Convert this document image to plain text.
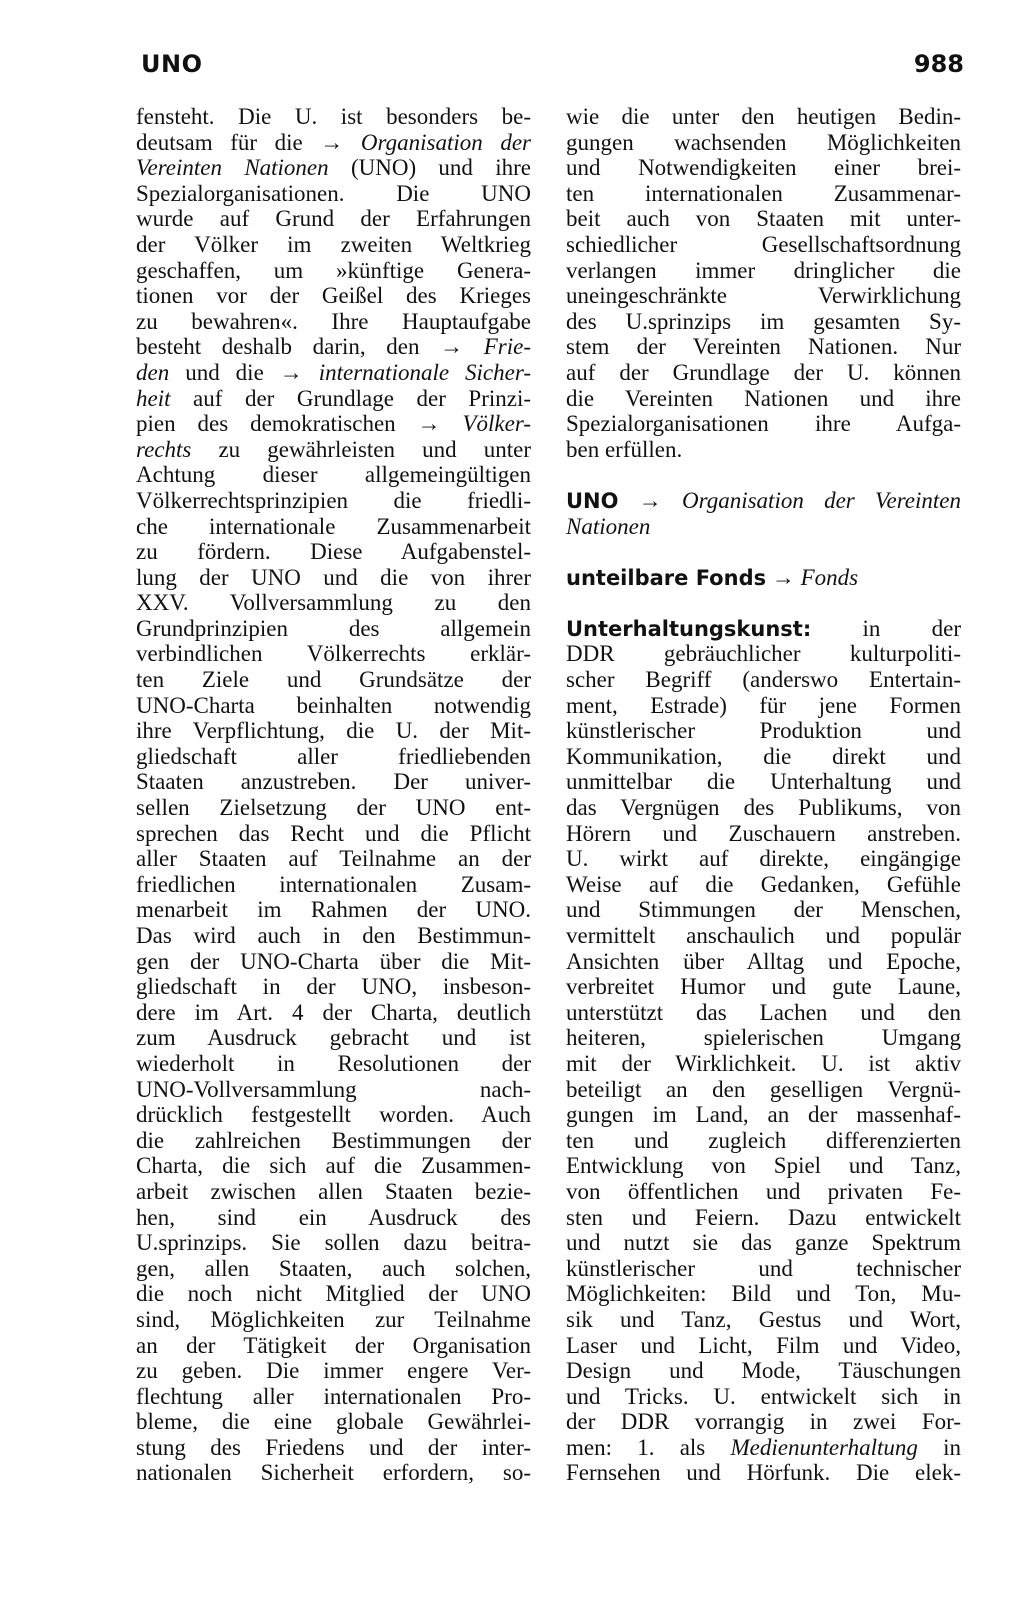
UNO	988
fensteht. Die U. ist besonders be-
deutsam für die → Organisation der
Vereinten Nationen (UNO) und ihre
Spezialorganisationen. Die UNO
wurde auf Grund der Erfahrungen
der Völker im zweiten Weltkrieg
geschaffen, um »künftige Genera-
tionen vor der Geißel des Krieges
zu bewahren«. Ihre Hauptaufgabe
besteht deshalb darin, den → Frie-
den und die → internationale Sicher-
heit auf der Grundlage der Prinzi-
pien des demokratischen → Völker-
rechts zu gewährleisten und unter
Achtung dieser allgemeingültigen
Völkerrechtsprinzipien die friedli-
che internationale Zusammenarbeit
zu fördern. Diese Aufgabenstel-
lung der UNO und die von ihrer
XXV. Vollversammlung zu den
Grundprinzipien des allgemein
verbindlichen Völkerrechts erklär-
ten Ziele und Grundsätze der
UNO-Charta beinhalten notwendig
ihre Verpflichtung, die U. der Mit-
gliedschaft aller friedliebenden
Staaten anzustreben. Der univer-
sellen Zielsetzung der UNO ent-
sprechen das Recht und die Pflicht
aller Staaten auf Teilnahme an der
friedlichen internationalen Zusam-
menarbeit im Rahmen der UNO.
Das wird auch in den Bestimmun-
gen der UNO-Charta über die Mit-
gliedschaft in der UNO, insbeson-
dere im Art. 4 der Charta, deutlich
zum Ausdruck gebracht und ist
wiederholt in Resolutionen der
UNO-Vollversammlung nach-
drücklich festgestellt worden. Auch
die zahlreichen Bestimmungen der
Charta, die sich auf die Zusammen-
arbeit zwischen allen Staaten bezie-
hen, sind ein Ausdruck des
U.sprinzips. Sie sollen dazu beitra-
gen, allen Staaten, auch solchen,
die noch nicht Mitglied der UNO
sind, Möglichkeiten zur Teilnahme
an der Tätigkeit der Organisation
zu geben. Die immer engere Ver-
flechtung aller internationalen Pro-
bleme, die eine globale Gewährlei-
stung des Friedens und der inter-
nationalen Sicherheit erfordern, so-
wie die unter den heutigen Bedin-
gungen wachsenden Möglichkeiten
und Notwendigkeiten einer brei-
ten internationalen Zusammenar-
beit auch von Staaten mit unter-
schiedlicher Gesellschaftsordnung
verlangen immer dringlicher die
uneingeschränkte Verwirklichung
des U.sprinzips im gesamten Sy-
stem der Vereinten Nationen. Nur
auf der Grundlage der U. können
die Vereinten Nationen und ihre
Spezialorganisationen ihre Aufga-
ben erfüllen.
UNO → Organisation der Vereinten
Nationen
unteilbare Fonds → Fonds
Unterhaltungskunst: in der
DDR gebräuchlicher kulturpoliti-
scher Begriff (anderswo Entertain-
ment, Estrade) für jene Formen
künstlerischer Produktion und
Kommunikation, die direkt und
unmittelbar die Unterhaltung und
das Vergnügen des Publikums, von
Hörern und Zuschauern anstreben.
U. wirkt auf direkte, eingängige
Weise auf die Gedanken, Gefühle
und Stimmungen der Menschen,
vermittelt anschaulich und populär
Ansichten über Alltag und Epoche,
verbreitet Humor und gute Laune,
unterstützt das Lachen und den
heiteren, spielerischen Umgang
mit der Wirklichkeit. U. ist aktiv
beteiligt an den geselligen Vergnü-
gungen im Land, an der massenhaf-
ten und zugleich differenzierten
Entwicklung von Spiel und Tanz,
von öffentlichen und privaten Fe-
sten und Feiern. Dazu entwickelt
und nutzt sie das ganze Spektrum
künstlerischer und technischer
Möglichkeiten: Bild und Ton, Mu-
sik und Tanz, Gestus und Wort,
Laser und Licht, Film und Video,
Design und Mode, Täuschungen
und Tricks. U. entwickelt sich in
der DDR vorrangig in zwei For-
men: 1. als Medienunterhaltung in
Fernsehen und Hörfunk. Die elek-
